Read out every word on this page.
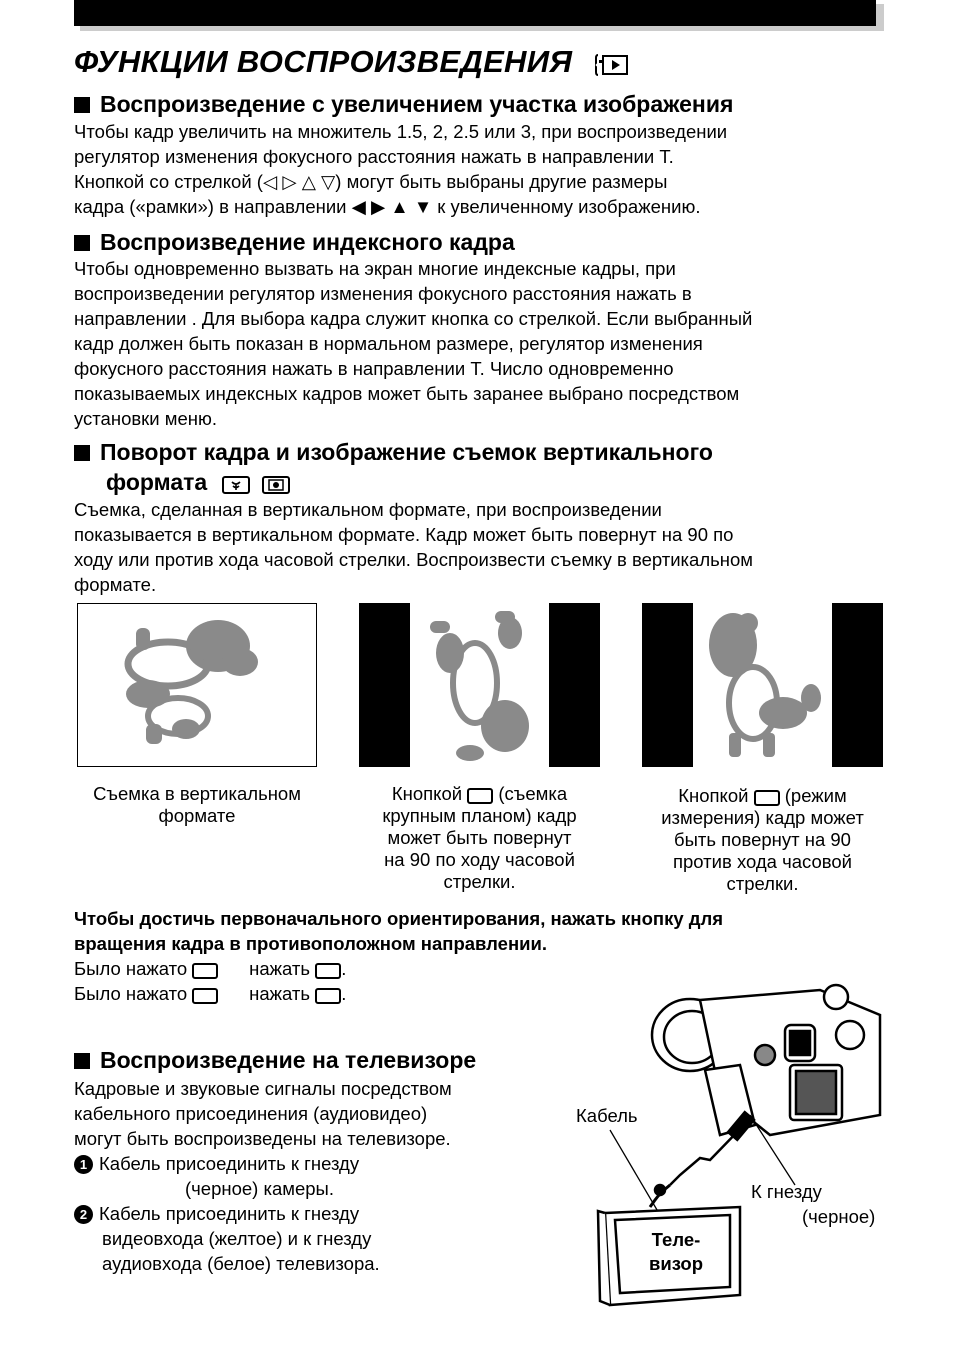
ФУНКЦИИ ВОСПРОИЗВЕДЕНИЯ
Воспроизведение с увеличением участка изображения
Чтобы кадр увеличить на множитель 1.5, 2, 2.5 или 3, при воспроизведении
регулятор изменения фокусного расстояния нажать в направлении T.
Кнопкой со стрелкой (◁ ▷ △ ▽) могут быть выбраны другие размеры
кадра («рамки») в направлении ◀ ▶ ▲ ▼ к увеличенному изображению.
Воспроизведение индексного кадра
Чтобы одновременно вызвать на экран многие индексные кадры, при
воспроизведении регулятор изменения фокусного расстояния нажать в
направлении . Для выбора кадра служит кнопка со стрелкой. Если выбранный
кадр должен быть показан в нормальном размере, регулятор изменения
фокусного расстояния нажать в направлении T. Число одновременно
показываемых индексных кадров может быть заранее выбрано посредством
установки меню.
Поворот кадра и изображение съемок вертикального
формата

Съемка, сделанная в вертикальном формате, при воспроизведении
показывается в вертикальном формате. Кадр может быть повернут на 90 по
ходу или против хода часовой стрелки. Воспроизвести съемку в вертикальном
формате.
Съемка в вертикальном
формате
Кнопкой (съемка
крупным планом) кадр
может быть повернут
на 90 по ходу часовой
стрелки.
Кнопкой (режим
измерения) кадр может
быть повернут на 90
против хода часовой
стрелки.
Чтобы достичь первоначального ориентирования, нажать кнопку для
вращения кадра в противоположном направлении.
Было нажато	нажать .
Было нажато	нажать .
Воспроизведение на телевизоре
Кадровые и звуковые сигналы посредством
кабельного присоединения (аудиовидео)
могут быть воспроизведены на телевизоре.
1 Кабель присоединить к гнезду
(черное) камеры.
2 Кабель присоединить к гнезду
видеовхода (желтое) и к гнезду
аудиовхода (белое) телевизора.
Кабель
К гнезду
(черное)
Теле-
визор
